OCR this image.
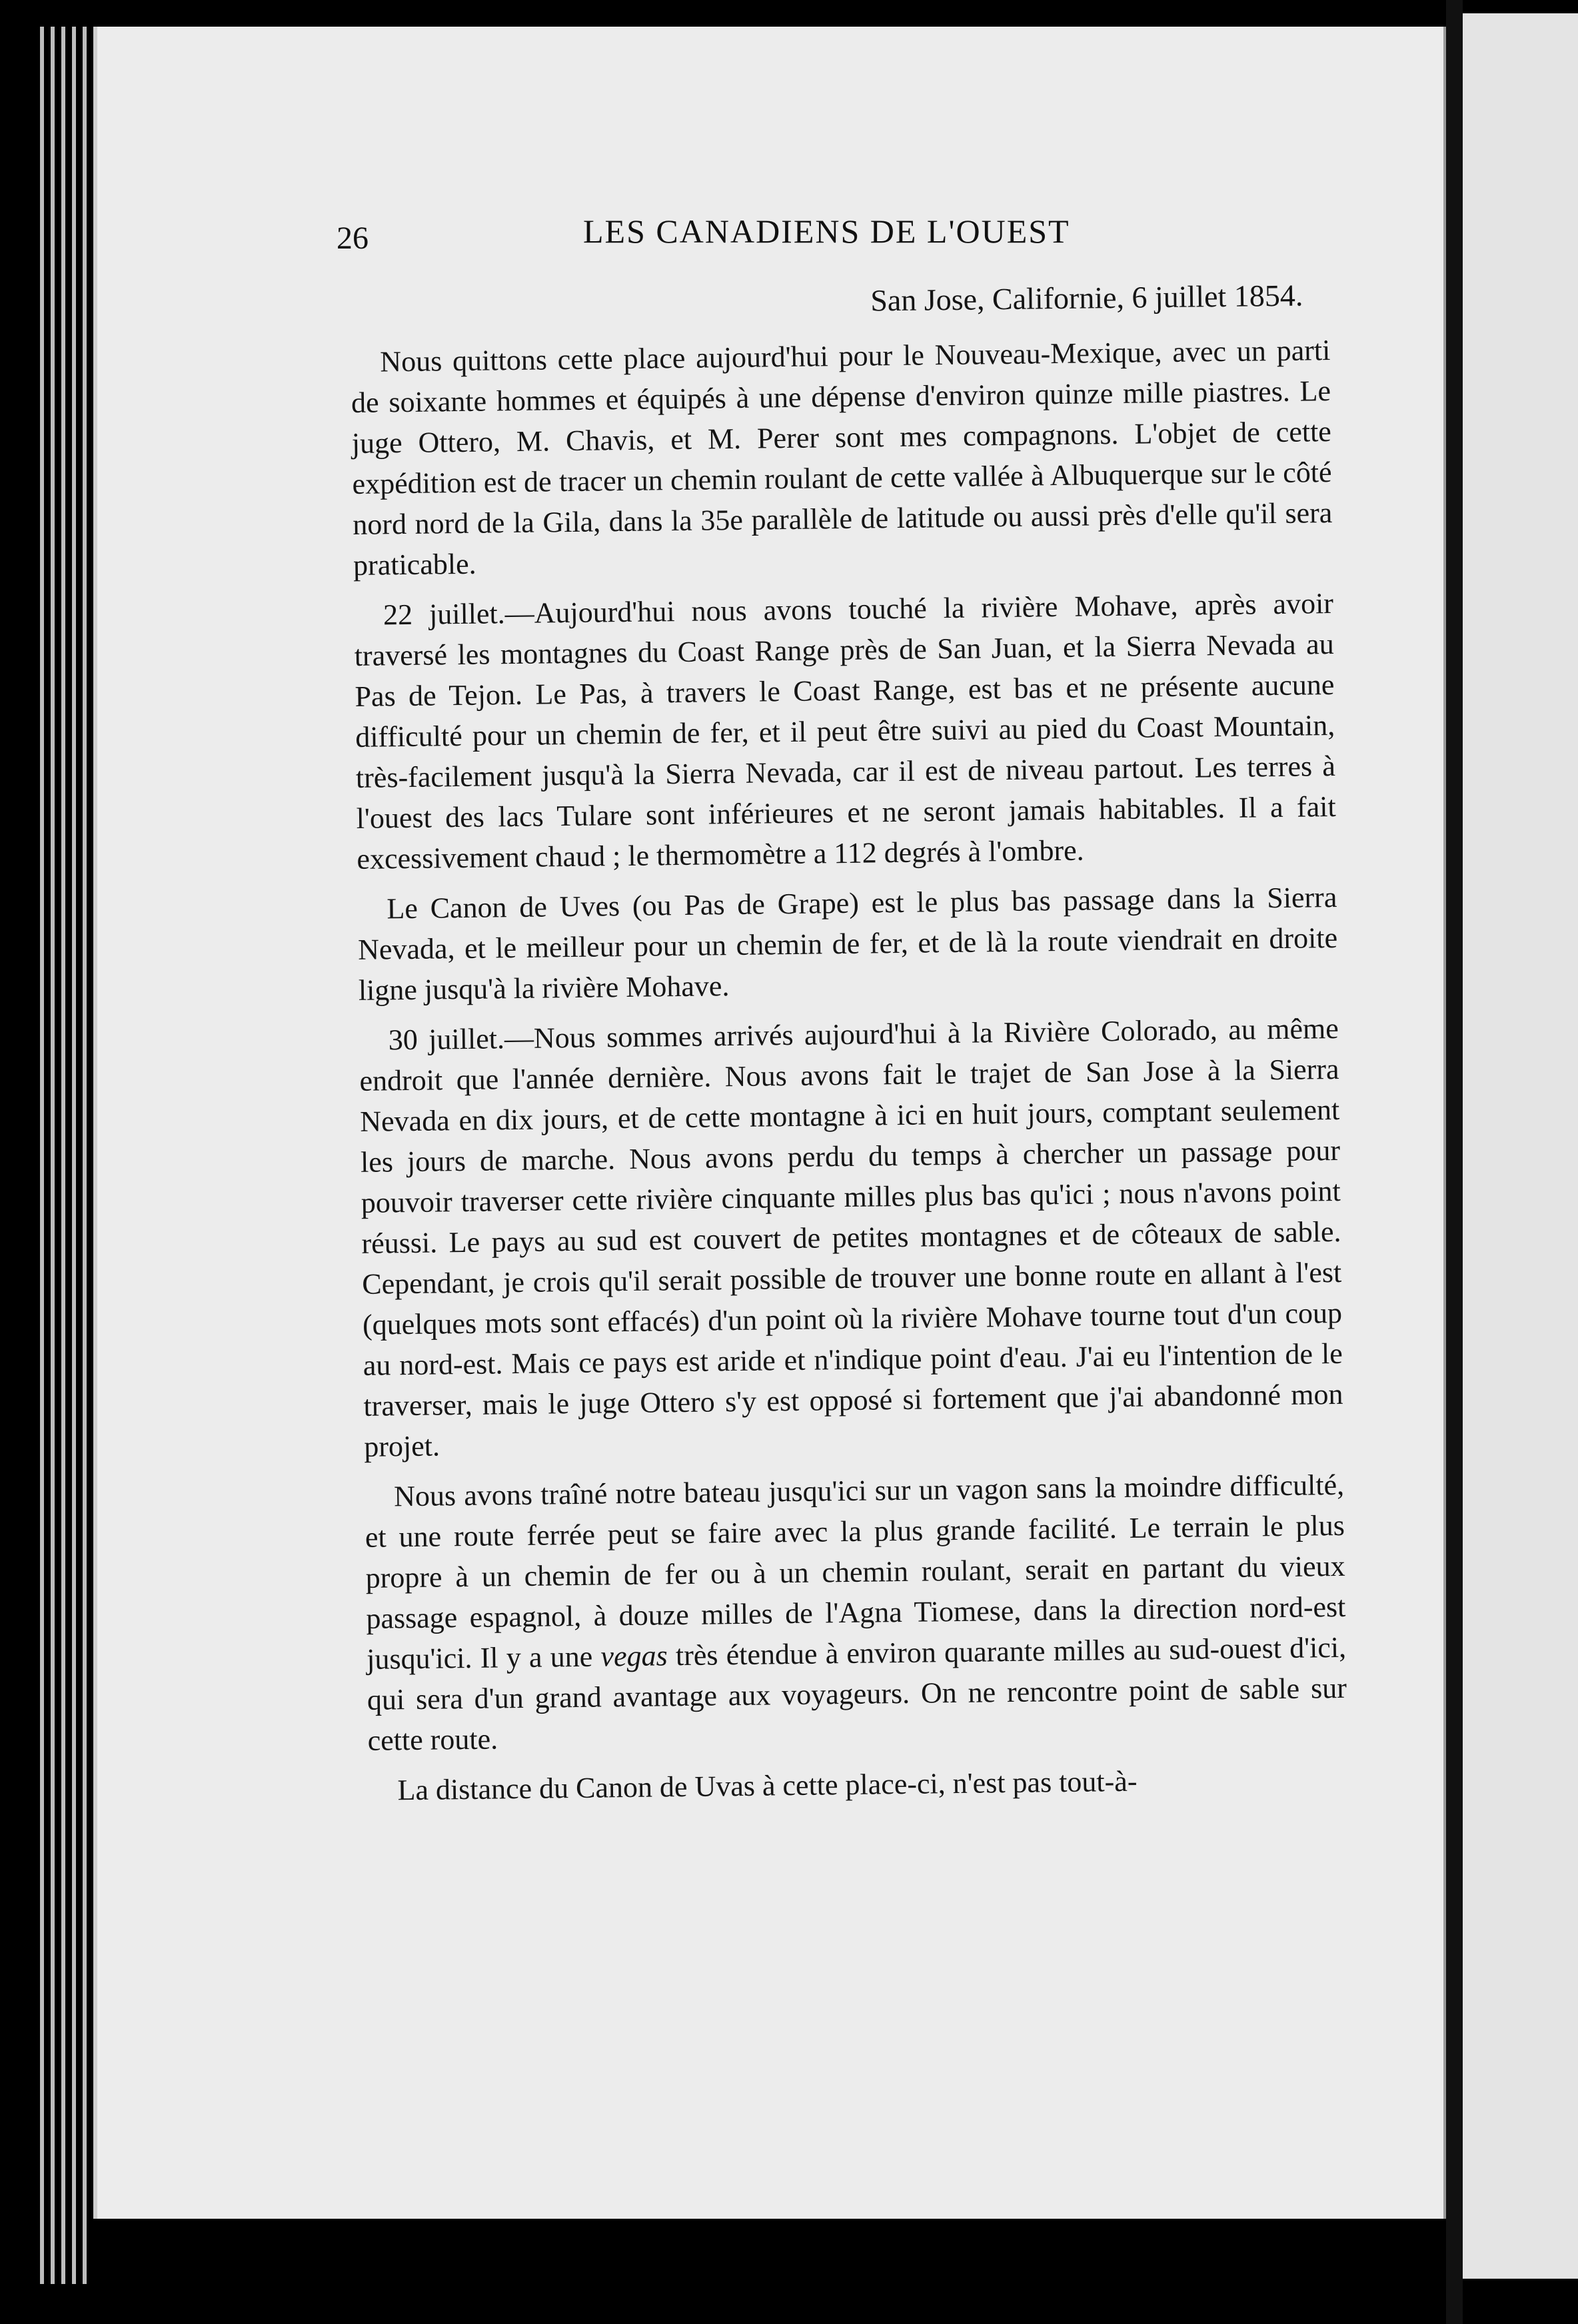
26	LES CANADIENS DE L'OUEST

San Jose, Californie, 6 juillet 1854.

Nous quittons cette place aujourd'hui pour le Nouveau-Mexique, avec un parti de soixante hommes et équipés à une dépense d'environ quinze mille piastres. Le juge Ottero, M. Chavis, et M. Perer sont mes compagnons. L'objet de cette expédition est de tracer un chemin roulant de cette vallée à Albuquerque sur le côté nord nord de la Gila, dans la 35e parallèle de latitude ou aussi près d'elle qu'il sera praticable.

22 juillet.—Aujourd'hui nous avons touché la rivière Mohave, après avoir traversé les montagnes du Coast Range près de San Juan, et la Sierra Nevada au Pas de Tejon. Le Pas, à travers le Coast Range, est bas et ne présente aucune difficulté pour un chemin de fer, et il peut être suivi au pied du Coast Mountain, très-facilement jusqu'à la Sierra Nevada, car il est de niveau partout. Les terres à l'ouest des lacs Tulare sont inférieures et ne seront jamais habitables. Il a fait excessivement chaud ; le thermomètre a 112 degrés à l'ombre.

Le Canon de Uves (ou Pas de Grape) est le plus bas passage dans la Sierra Nevada, et le meilleur pour un chemin de fer, et de là la route viendrait en droite ligne jusqu'à la rivière Mohave.

30 juillet.—Nous sommes arrivés aujourd'hui à la Rivière Colorado, au même endroit que l'année dernière. Nous avons fait le trajet de San Jose à la Sierra Nevada en dix jours, et de cette montagne à ici en huit jours, comptant seulement les jours de marche. Nous avons perdu du temps à chercher un passage pour pouvoir traverser cette rivière cinquante milles plus bas qu'ici ; nous n'avons point réussi. Le pays au sud est couvert de petites montagnes et de côteaux de sable. Cependant, je crois qu'il serait possible de trouver une bonne route en allant à l'est (quelques mots sont effacés) d'un point où la rivière Mohave tourne tout d'un coup au nord-est. Mais ce pays est aride et n'indique point d'eau. J'ai eu l'intention de le traverser, mais le juge Ottero s'y est opposé si fortement que j'ai abandonné mon projet.

Nous avons traîné notre bateau jusqu'ici sur un vagon sans la moindre difficulté, et une route ferrée peut se faire avec la plus grande facilité. Le terrain le plus propre à un chemin de fer ou à un chemin roulant, serait en partant du vieux passage espagnol, à douze milles de l'Agna Tiomese, dans la direction nord-est jusqu'ici. Il y a une vegas très étendue à environ quarante milles au sud-ouest d'ici, qui sera d'un grand avantage aux voyageurs. On ne rencontre point de sable sur cette route.

La distance du Canon de Uvas à cette place-ci, n'est pas tout-à-
